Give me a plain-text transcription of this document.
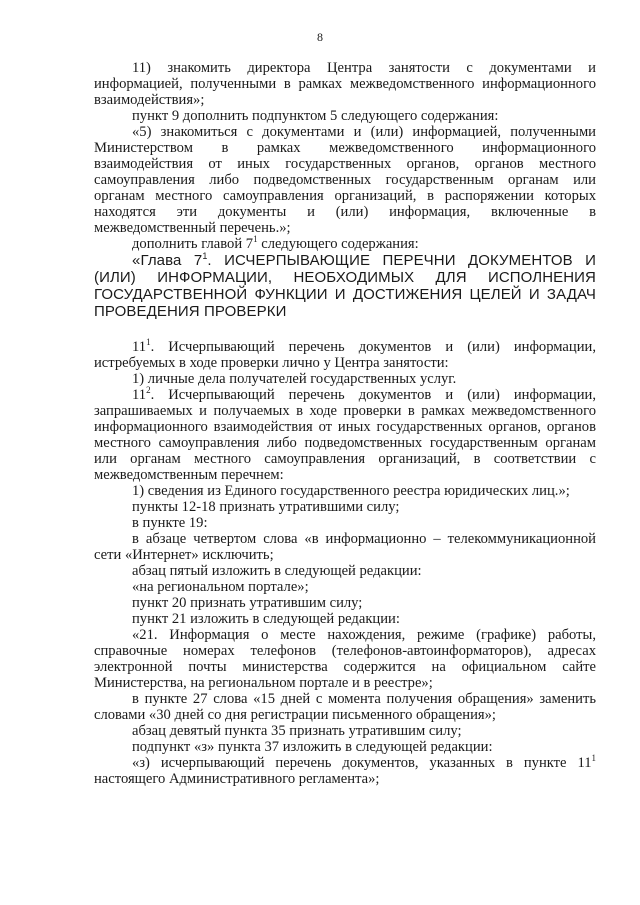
8

11) знакомить директора Центра занятости с документами и информацией, полученными в рамках межведомственного информационного взаимодействия»;

пункт 9 дополнить подпунктом 5 следующего содержания:

«5) знакомиться с документами и (или) информацией, полученными Министерством в рамках межведомственного информационного взаимодействия от иных государственных органов, органов местного самоуправления либо подведомственных государственным органам или органам местного самоуправления организаций, в распоряжении которых находятся эти документы и (или) информация, включенные в межведомственный перечень.»;

дополнить главой $7^1$ следующего содержания:

«Глава $7^1$. ИСЧЕРПЫВАЮЩИЕ ПЕРЕЧНИ ДОКУМЕНТОВ И (ИЛИ) ИНФОРМАЦИИ, НЕОБХОДИМЫХ ДЛЯ ИСПОЛНЕНИЯ ГОСУДАРСТВЕННОЙ ФУНКЦИИ И ДОСТИЖЕНИЯ ЦЕЛЕЙ И ЗАДАЧ ПРОВЕДЕНИЯ ПРОВЕРКИ

$11^1$. Исчерпывающий перечень документов и (или) информации, истребуемых в ходе проверки лично у Центра занятости:

1) личные дела получателей государственных услуг.

$11^2$. Исчерпывающий перечень документов и (или) информации, запрашиваемых и получаемых в ходе проверки в рамках межведомственного информационного взаимодействия от иных государственных органов, органов местного самоуправления либо подведомственных государственным органам или органам местного самоуправления организаций, в соответствии с межведомственным перечнем:

1) сведения из Единого государственного реестра юридических лиц.»;

пункты 12-18 признать утратившими силу;

в пункте 19:

в абзаце четвертом слова «в информационно – телекоммуникационной сети «Интернет» исключить;

абзац пятый изложить в следующей редакции:

«на региональном портале»;

пункт 20 признать утратившим силу;

пункт 21 изложить в следующей редакции:

«21. Информация о месте нахождения, режиме (графике) работы, справочные номерах телефонов (телефонов-автоинформаторов), адресах электронной почты министерства содержится на официальном сайте Министерства, на региональном портале и в реестре»;

в пункте 27 слова «15 дней с момента получения обращения» заменить словами «30 дней со дня регистрации письменного обращения»;

абзац девятый пункта 35 признать утратившим силу;

подпункт «з» пункта 37 изложить в следующей редакции:

«з) исчерпывающий перечень документов, указанных в пункте $11^1$ настоящего Административного регламента»;
